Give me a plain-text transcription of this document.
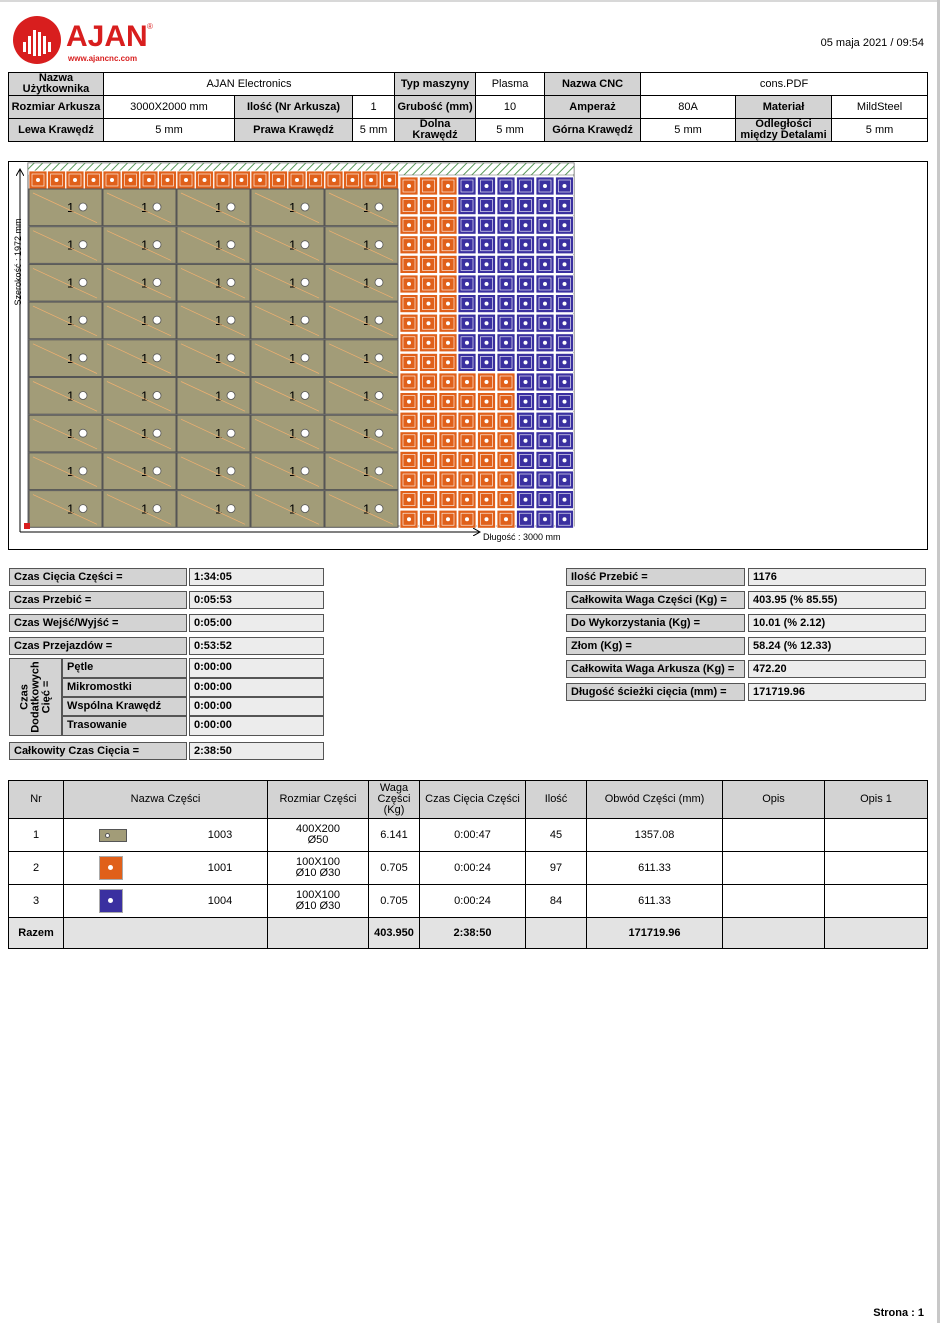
AJAN ®
www.ajancnc.com
05 maja 2021 / 09:54
Nazwa Użytkownika	AJAN Electronics			Typ maszyny	Plasma	Nazwa CNC	cons.PDF		
Rozmiar Arkusza	3000X2000 mm	Ilość (Nr Arkusza)	1	Grubość (mm)	10	Amperaż	80A	Materiał	MildSteel
Lewa Krawędź	5 mm	Prawa Krawędź	5 mm	Dolna Krawędź	5 mm	Górna Krawędź	5 mm	Odległości między Detalami	5 mm
1	1	1	1	1
1	1	1	1	1
1	1	1	1	1
1	1	1	1	1
1	1	1	1	1
1	1	1	1	1
1	1	1	1	1
1	1	1	1	1
1	1	1	1	1
Długość : 3000 mm
Szerokość : 1972 mm
Czas Cięcia Części =	1:34:05
Czas Przebić =	0:05:53
Czas Wejść/Wyjść =	0:05:00
Czas Przejazdów =	0:53:52
Czas
Dodatkowych
Cięć =
Pętle	0:00:00
Mikromostki	0:00:00
Wspólna Krawędź	0:00:00
Trasowanie	0:00:00
Całkowity Czas Cięcia =	2:38:50
Ilość Przebić =	1176
Całkowita Waga Części (Kg) =	403.95 (% 85.55)
Do Wykorzystania (Kg) =	10.01 (% 2.12)
Złom (Kg) =	58.24 (% 12.33)
Całkowita Waga Arkusza (Kg) =	472.20
Długość ścieżki cięcia (mm) =	171719.96
Nr	Nazwa Części	Rozmiar Części	Waga Części (Kg)	Czas Cięcia Części	Ilość	Obwód Części (mm)	Opis	Opis 1
1	1003	400X200
Ø50	6.141	0:00:47	45	1357.08		
2	1001	100X100
Ø10 Ø30	0.705	0:00:24	97	611.33		
3	1004	100X100
Ø10 Ø30	0.705	0:00:24	84	611.33		
Razem			403.950	2:38:50		171719.96		
Strona : 1
